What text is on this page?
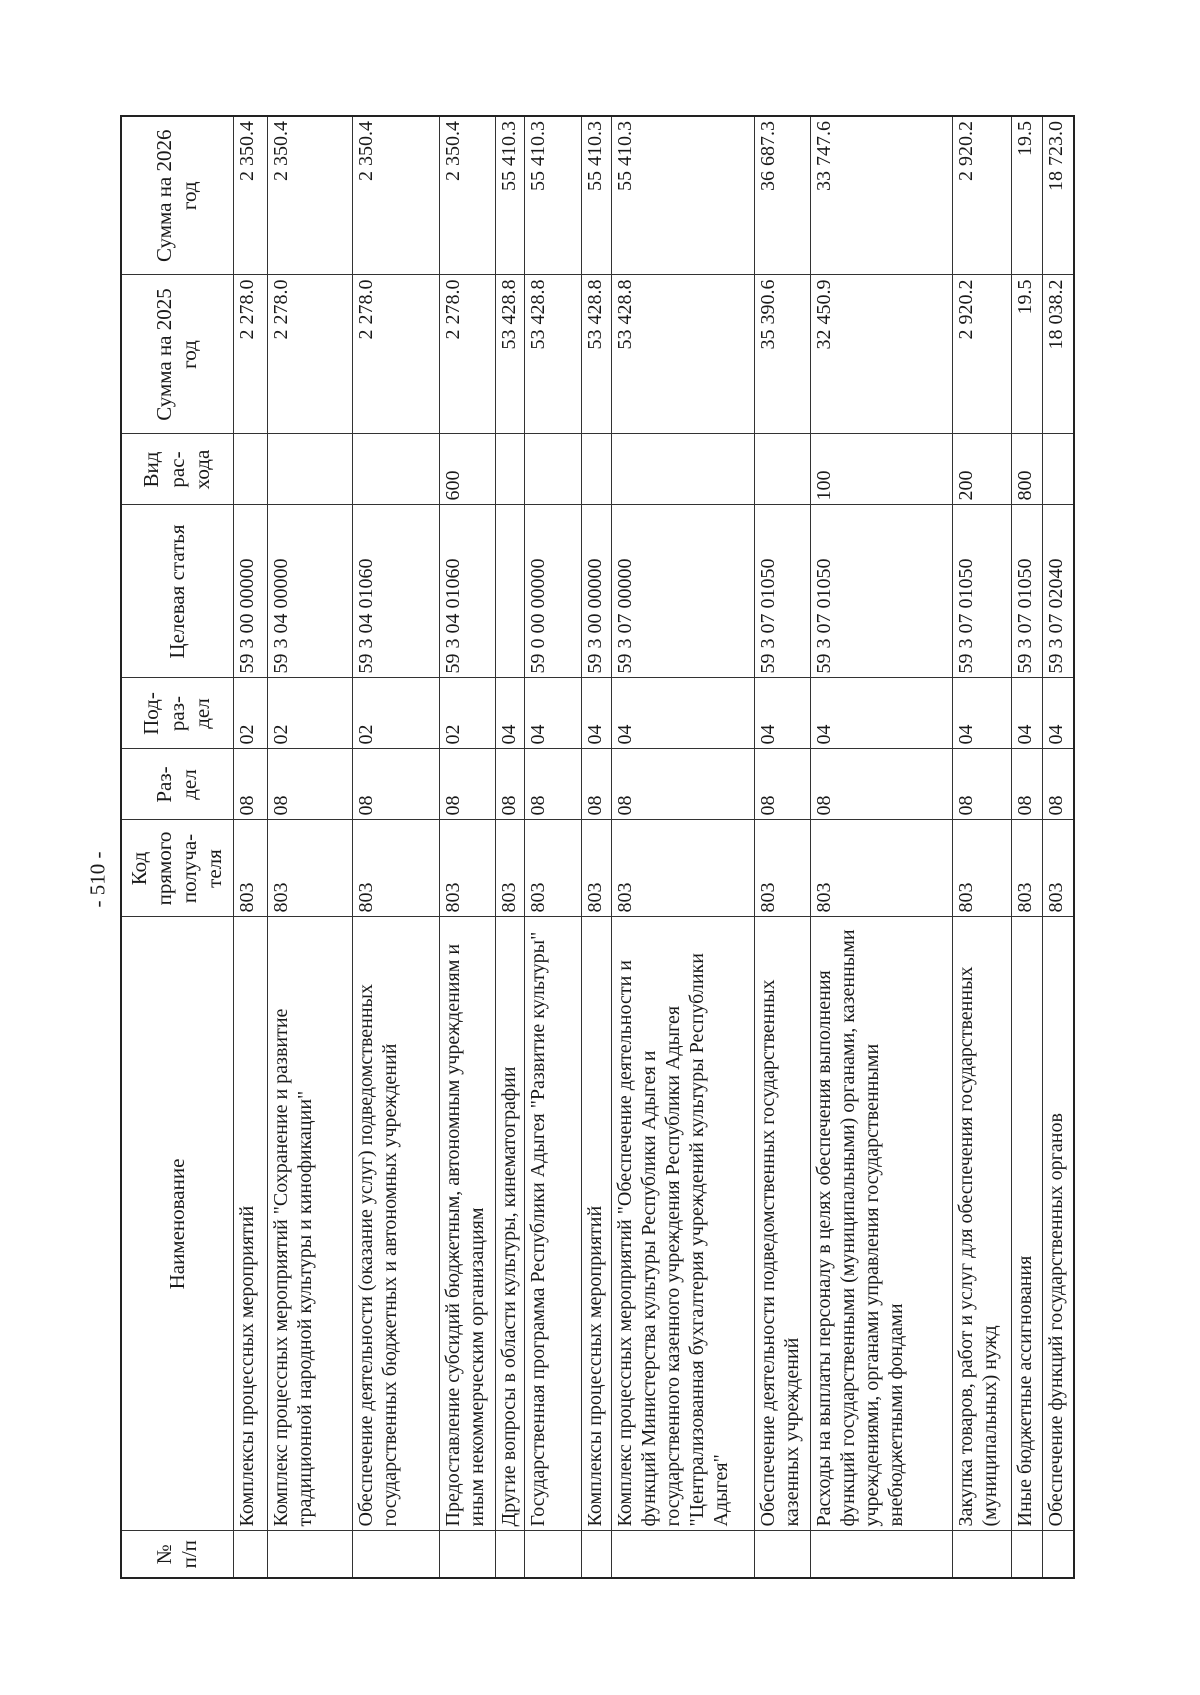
- 510 -
№ п/п	Наименование	Код прямого получа-теля	Раз-дел	Под-раз-дел	Целевая статья	Вид рас-хода	Сумма на 2025 год	Сумма на 2026 год
	Комплексы процессных мероприятий	803	08	02	59 3 00 00000		2 278.0	2 350.4
	Комплекс процессных мероприятий "Сохранение и развитие традиционной народной культуры и кинофикации"	803	08	02	59 3 04 00000		2 278.0	2 350.4
	Обеспечение деятельности (оказание услуг) подведомственных государственных бюджетных и автономных учреждений	803	08	02	59 3 04 01060		2 278.0	2 350.4
	Предоставление субсидий бюджетным, автономным учреждениям и иным некоммерческим организациям	803	08	02	59 3 04 01060	600	2 278.0	2 350.4
	Другие вопросы в области культуры, кинематографии	803	08	04			53 428.8	55 410.3
	Государственная программа Республики Адыгея "Развитие культуры"	803	08	04	59 0 00 00000		53 428.8	55 410.3
	Комплексы процессных мероприятий	803	08	04	59 3 00 00000		53 428.8	55 410.3
	Комплекс процессных мероприятий "Обеспечение деятельности и функций Министерства культуры Республики Адыгея и государственного казенного учреждения Республики Адыгея "Централизованная бухгалтерия учреждений культуры Республики Адыгея"	803	08	04	59 3 07 00000		53 428.8	55 410.3
	Обеспечение деятельности подведомственных государственных казенных учреждений	803	08	04	59 3 07 01050		35 390.6	36 687.3
	Расходы на выплаты персоналу в целях обеспечения выполнения функций государственными (муниципальными) органами, казенными учреждениями, органами управления государственными внебюджетными фондами	803	08	04	59 3 07 01050	100	32 450.9	33 747.6
	Закупка товаров, работ и услуг для обеспечения государственных (муниципальных) нужд	803	08	04	59 3 07 01050	200	2 920.2	2 920.2
	Иные бюджетные ассигнования	803	08	04	59 3 07 01050	800	19.5	19.5
	Обеспечение функций государственных органов	803	08	04	59 3 07 02040		18 038.2	18 723.0
